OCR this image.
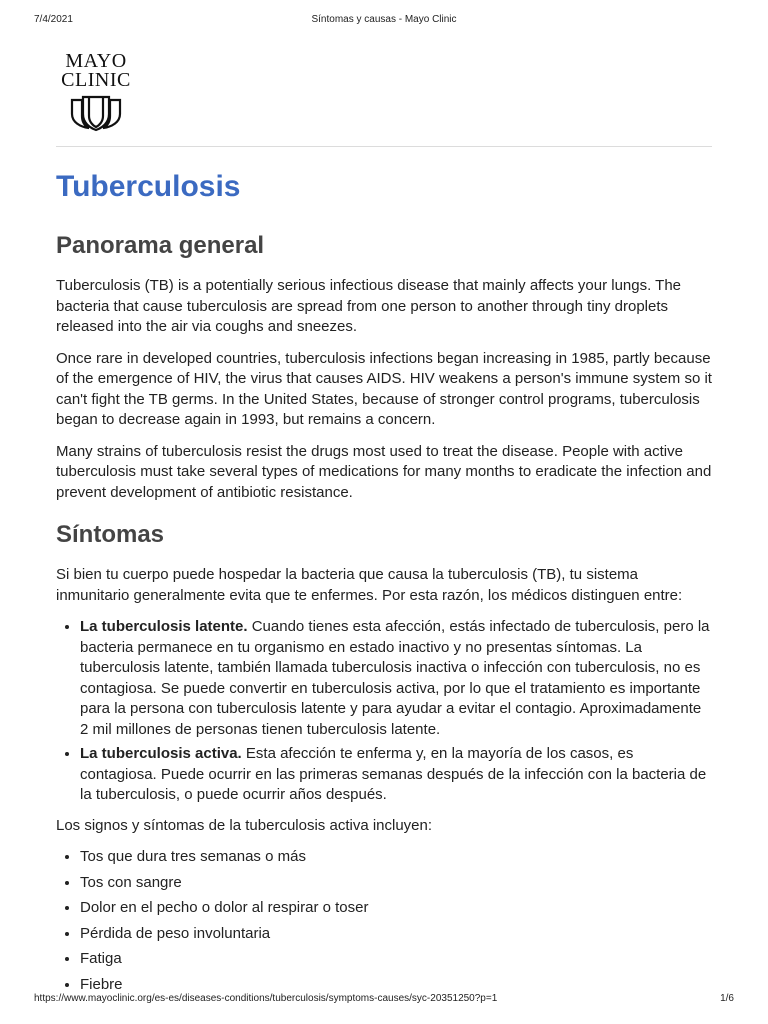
7/4/2021	Síntomas y causas - Mayo Clinic
MAYO
CLINIC
Tuberculosis
Panorama general

Tuberculosis (TB) is a potentially serious infectious disease that mainly affects your lungs. The bacteria that cause tuberculosis are spread from one person to another through tiny droplets released into the air via coughs and sneezes.

Once rare in developed countries, tuberculosis infections began increasing in 1985, partly because of the emergence of HIV, the virus that causes AIDS. HIV weakens a person's immune system so it can't fight the TB germs. In the United States, because of stronger control programs, tuberculosis began to decrease again in 1993, but remains a concern.

Many strains of tuberculosis resist the drugs most used to treat the disease. People with active tuberculosis must take several types of medications for many months to eradicate the infection and prevent development of antibiotic resistance.

Síntomas

Si bien tu cuerpo puede hospedar la bacteria que causa la tuberculosis (TB), tu sistema inmunitario generalmente evita que te enfermes. Por esta razón, los médicos distinguen entre:

• La tuberculosis latente. Cuando tienes esta afección, estás infectado de tuberculosis, pero la bacteria permanece en tu organismo en estado inactivo y no presentas síntomas. La tuberculosis latente, también llamada tuberculosis inactiva o infección con tuberculosis, no es contagiosa. Se puede convertir en tuberculosis activa, por lo que el tratamiento es importante para la persona con tuberculosis latente y para ayudar a evitar el contagio. Aproximadamente 2 mil millones de personas tienen tuberculosis latente.
• La tuberculosis activa. Esta afección te enferma y, en la mayoría de los casos, es contagiosa. Puede ocurrir en las primeras semanas después de la infección con la bacteria de la tuberculosis, o puede ocurrir años después.

Los signos y síntomas de la tuberculosis activa incluyen:

• Tos que dura tres semanas o más
• Tos con sangre
• Dolor en el pecho o dolor al respirar o toser
• Pérdida de peso involuntaria
• Fatiga
• Fiebre
https://www.mayoclinic.org/es-es/diseases-conditions/tuberculosis/symptoms-causes/syc-20351250?p=1	1/6
